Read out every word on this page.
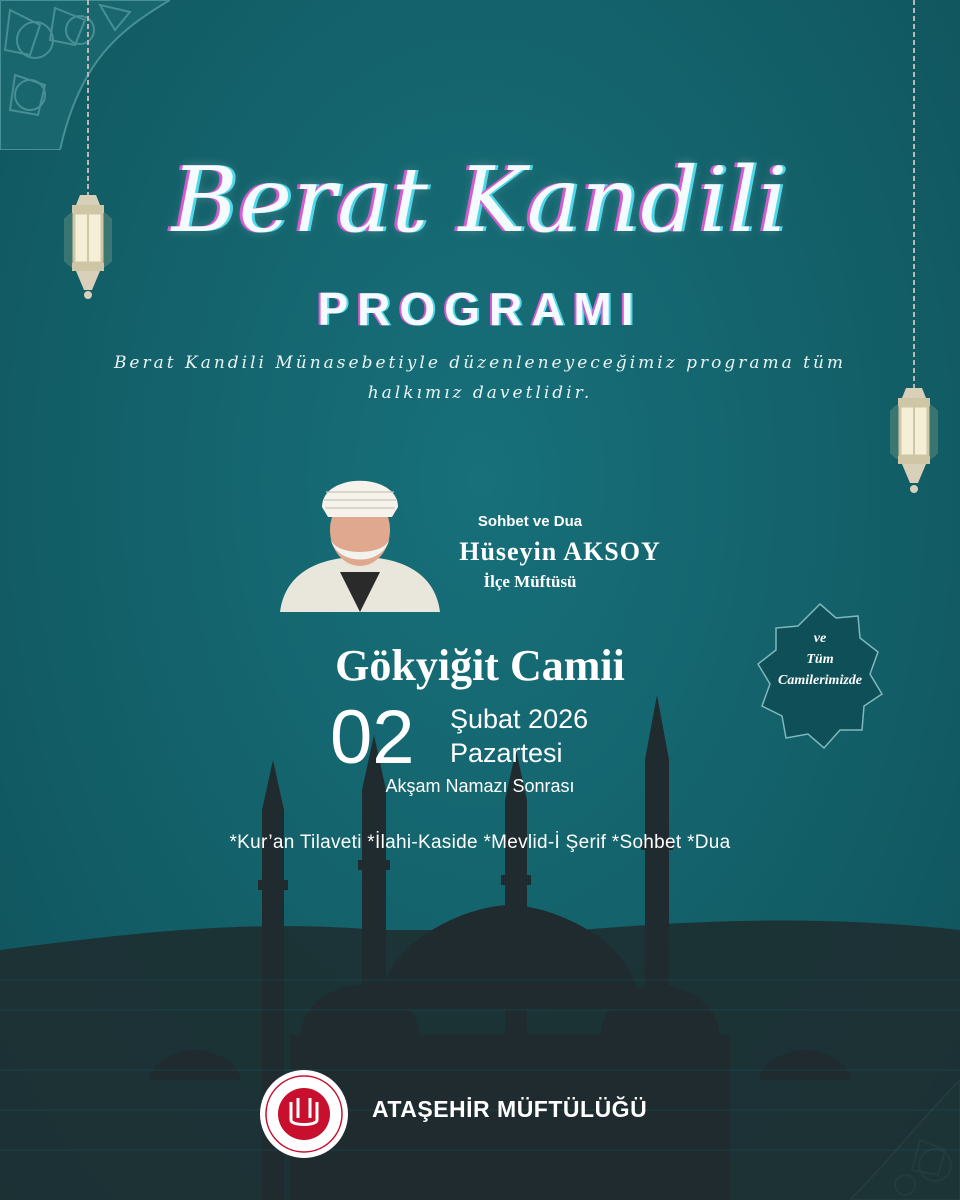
Berat Kandili
PROGRAMI
Berat Kandili Münasebetiyle düzenleneyeceğimiz programa tüm halkımız davetlidir.
Sohbet ve Dua
Hüseyin AKSOY
İlçe Müftüsü
ve
Tüm
Camilerimizde
Gökyiğit Camii
02	Şubat 2026
Pazartesi
Akşam Namazı Sonrası
*Kur’an Tilaveti *İlahi-Kaside *Mevlid-İ Şerif *Sohbet *Dua
ATAŞEHİR MÜFTÜLÜĞÜ
